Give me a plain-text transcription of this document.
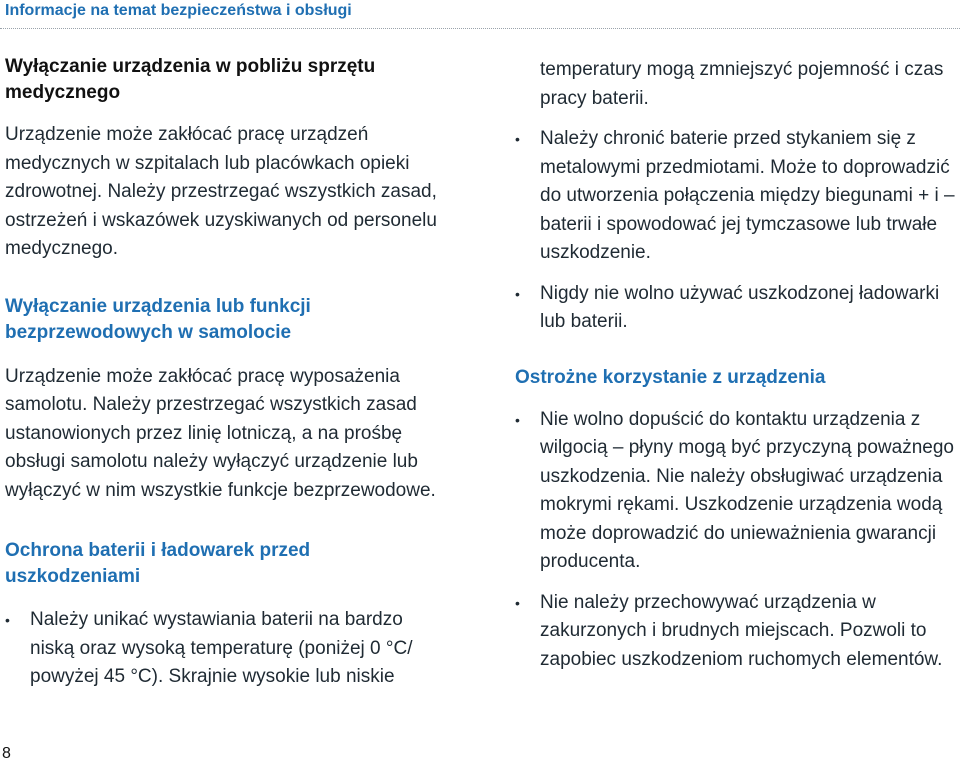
Informacje na temat bezpieczeństwa i obsługi
Wyłączanie urządzenia w pobliżu sprzętu medycznego

Urządzenie może zakłócać pracę urządzeń medycznych w szpitalach lub placówkach opieki zdrowotnej. Należy przestrzegać wszystkich zasad, ostrzeżeń i wskazówek uzyskiwanych od personelu medycznego.

Wyłączanie urządzenia lub funkcji bezprzewodowych w samolocie

Urządzenie może zakłócać pracę wyposażenia samolotu. Należy przestrzegać wszystkich zasad ustanowionych przez linię lotniczą, a na prośbę obsługi samolotu należy wyłączyć urządzenie lub wyłączyć w nim wszystkie funkcje bezprzewodowe.

Ochrona baterii i ładowarek przed uszkodzeniami
• Należy unikać wystawiania baterii na bardzo niską oraz wysoką temperaturę (poniżej 0 °C/ powyżej 45 °C). Skrajnie wysokie lub niskie

temperatury mogą zmniejszyć pojemność i czas pracy baterii.

• Należy chronić baterie przed stykaniem się z metalowymi przedmiotami. Może to doprowadzić do utworzenia połączenia między biegunami + i – baterii i spowodować jej tymczasowe lub trwałe uszkodzenie.
• Nigdy nie wolno używać uszkodzonej ładowarki lub baterii.
Ostrożne korzystanie z urządzenia
• Nie wolno dopuścić do kontaktu urządzenia z wilgocią – płyny mogą być przyczyną poważnego uszkodzenia. Nie należy obsługiwać urządzenia mokrymi rękami. Uszkodzenie urządzenia wodą może doprowadzić do unieważnienia gwarancji producenta.
• Nie należy przechowywać urządzenia w zakurzonych i brudnych miejscach. Pozwoli to zapobiec uszkodzeniom ruchomych elementów.
8
